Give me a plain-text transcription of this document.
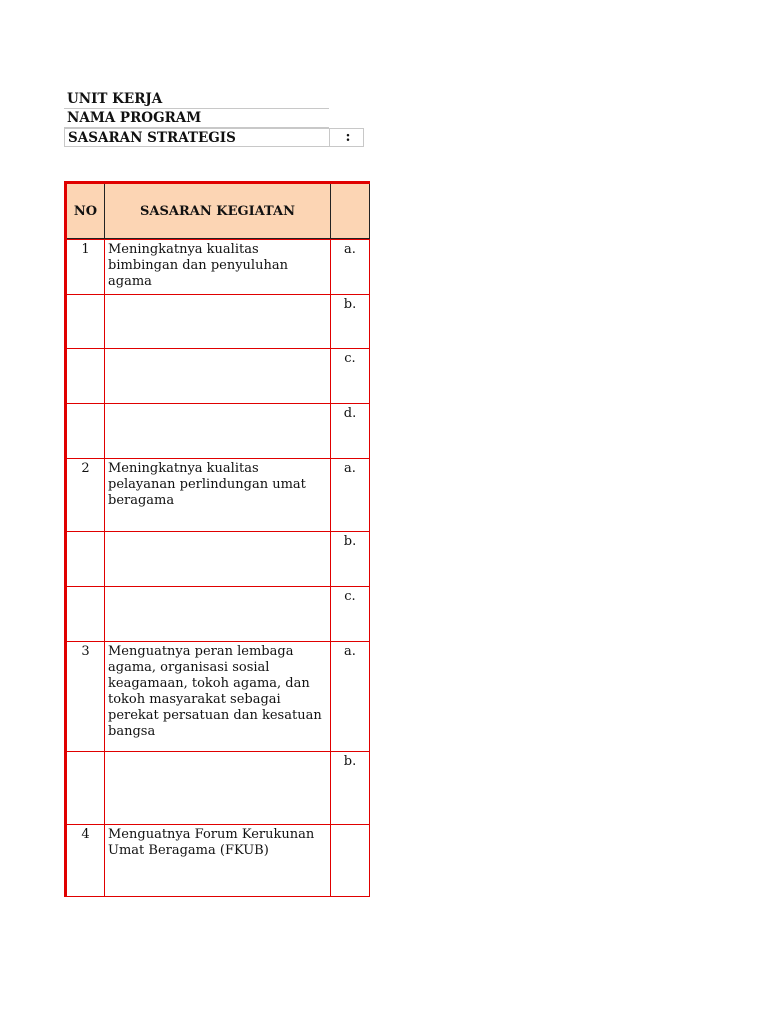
UNIT KERJA
NAMA PROGRAM
SASARAN STRATEGIS	:
NO	SASARAN KEGIATAN	

1	Meningkatnya kualitas bimbingan dan penyuluhan agama	a.
		b.
		c.
		d.
2	Meningkatnya kualitas pelayanan perlindungan umat beragama	a.
		b.
		c.
3	Menguatnya peran lembaga agama, organisasi sosial keagamaan, tokoh agama, dan tokoh masyarakat sebagai perekat persatuan dan kesatuan bangsa	a.
		b.
4	Menguatnya Forum Kerukunan Umat Beragama (FKUB)	
